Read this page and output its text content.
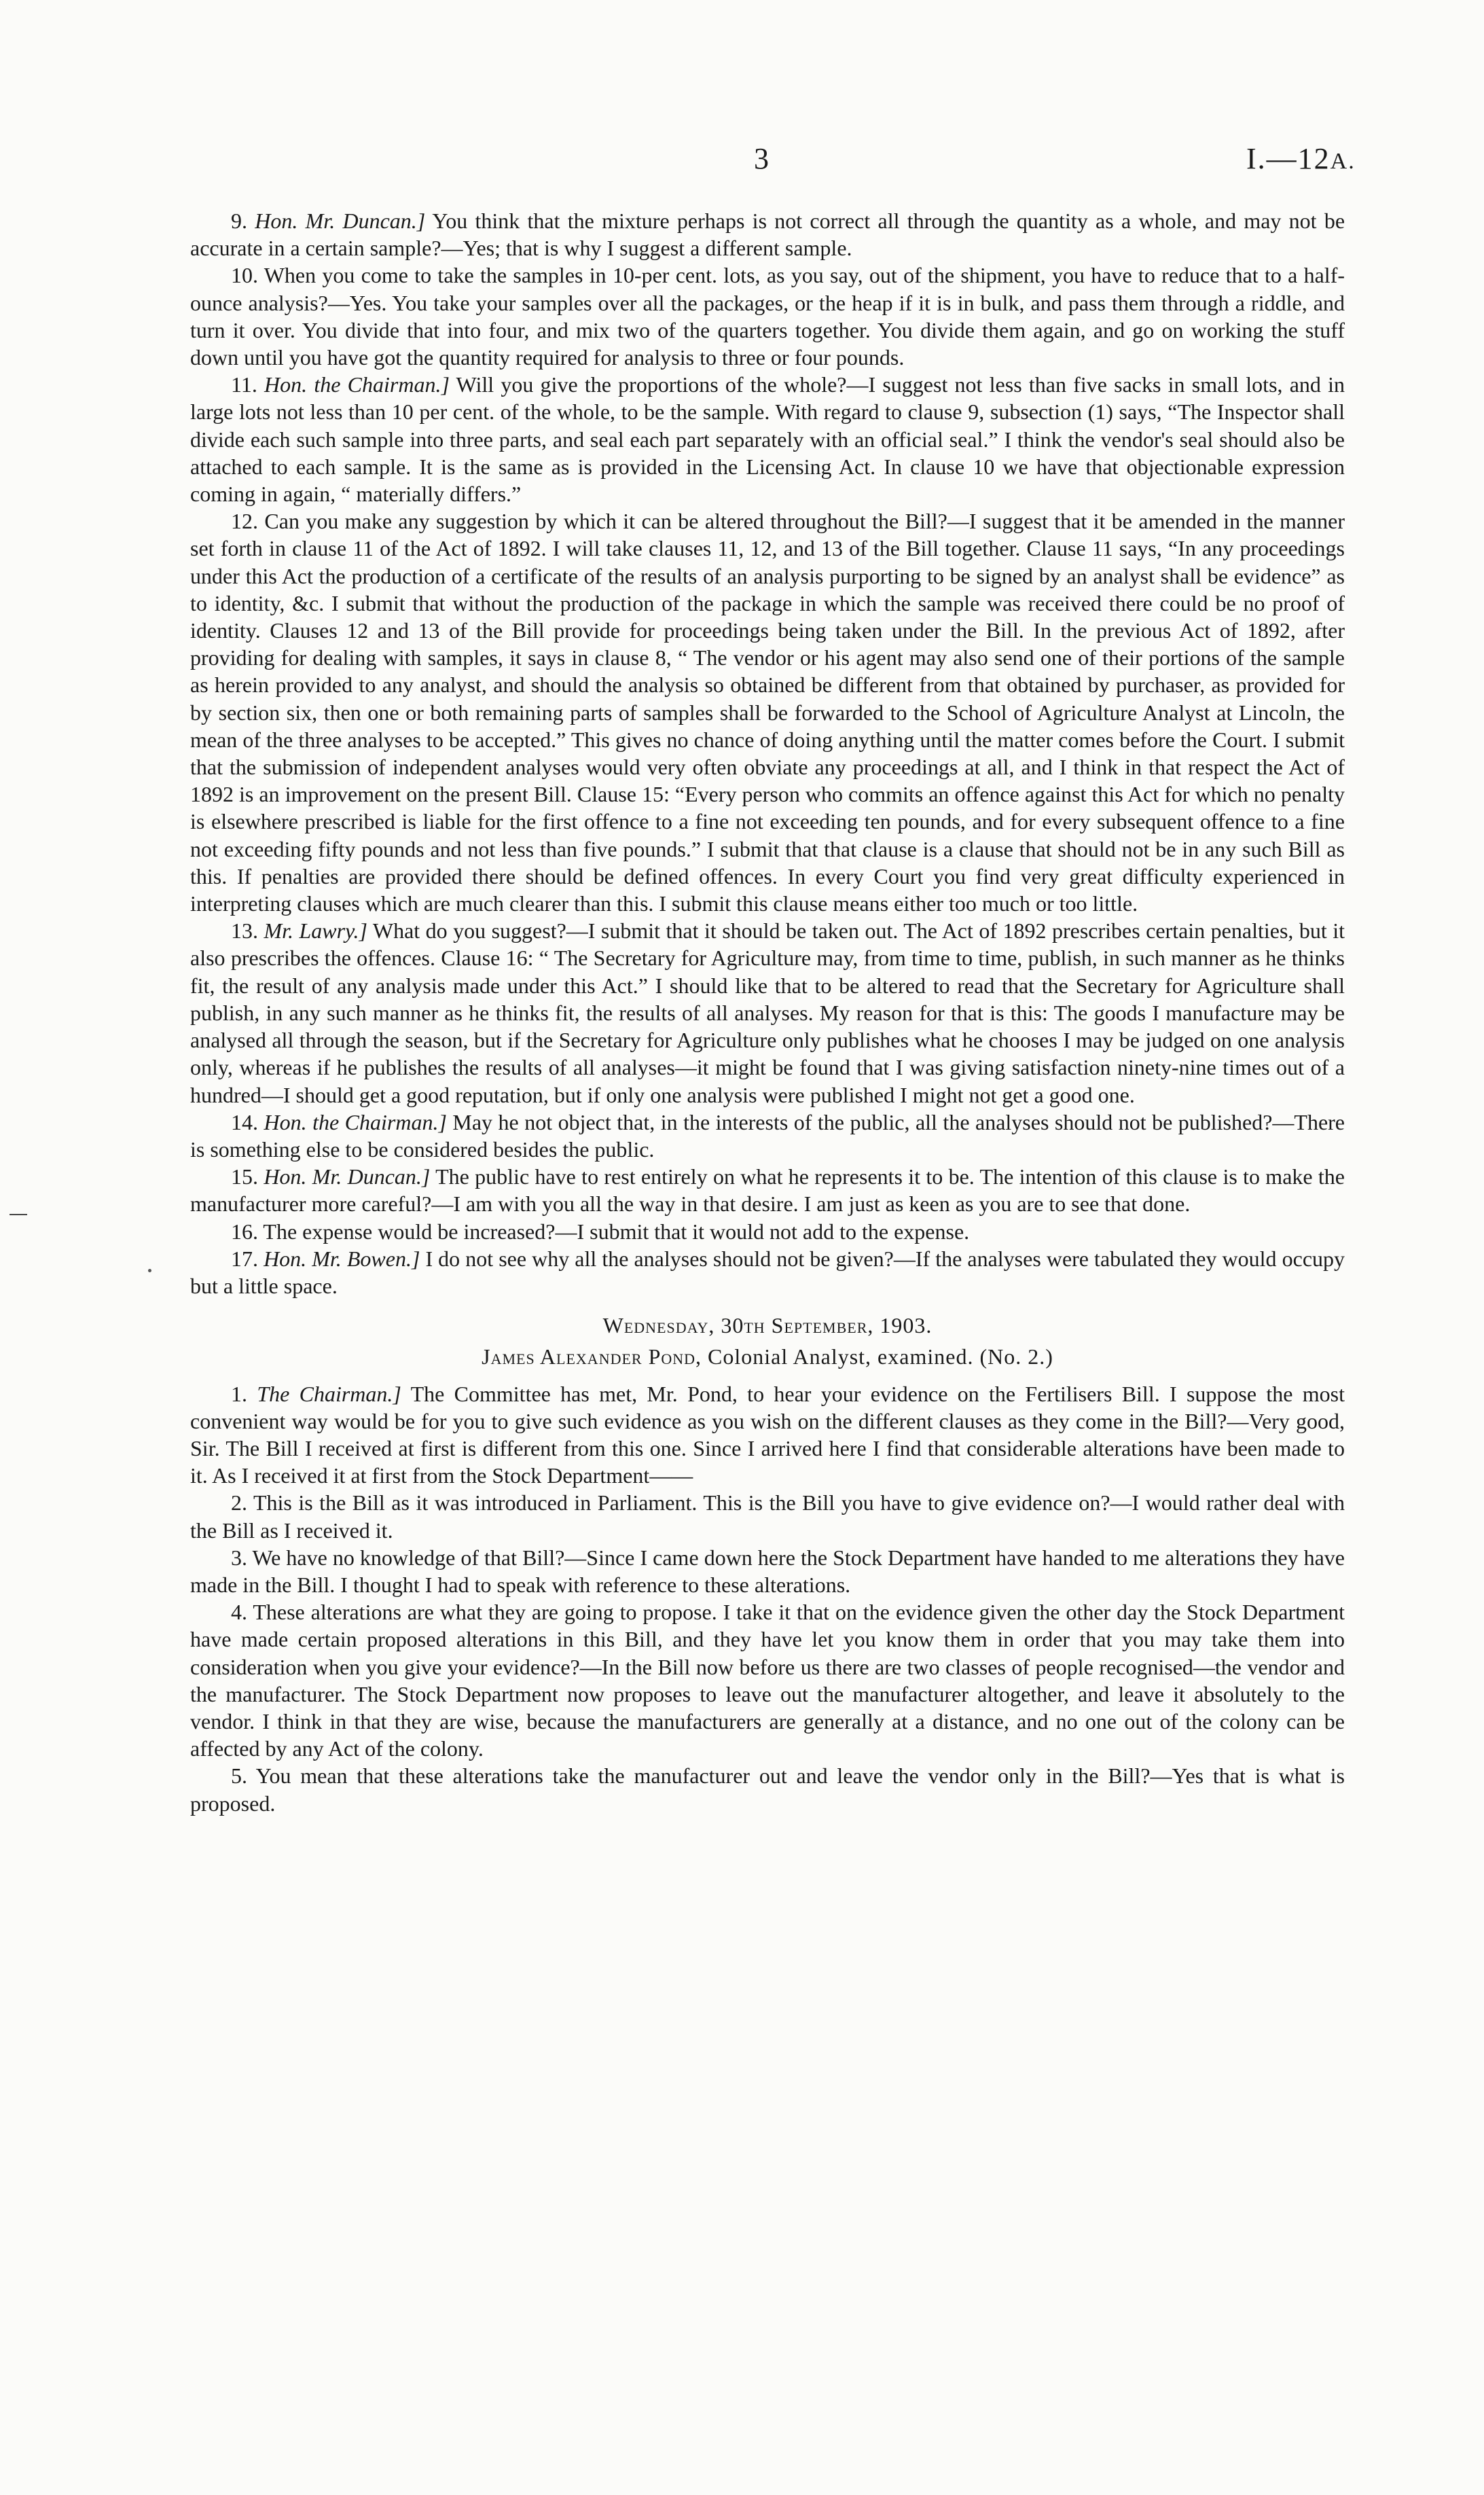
3	I.—12A.

9. Hon. Mr. Duncan.] You think that the mixture perhaps is not correct all through the quantity as a whole, and may not be accurate in a certain sample?—Yes; that is why I suggest a different sample.

10. When you come to take the samples in 10-per cent. lots, as you say, out of the shipment, you have to reduce that to a half-ounce analysis?—Yes. You take your samples over all the packages, or the heap if it is in bulk, and pass them through a riddle, and turn it over. You divide that into four, and mix two of the quarters together. You divide them again, and go on working the stuff down until you have got the quantity required for analysis to three or four pounds.

11. Hon. the Chairman.] Will you give the proportions of the whole?—I suggest not less than five sacks in small lots, and in large lots not less than 10 per cent. of the whole, to be the sample. With regard to clause 9, subsection (1) says, “The Inspector shall divide each such sample into three parts, and seal each part separately with an official seal.” I think the vendor's seal should also be attached to each sample. It is the same as is provided in the Licensing Act. In clause 10 we have that objectionable expression coming in again, “ materially differs.”

12. Can you make any suggestion by which it can be altered throughout the Bill?—I suggest that it be amended in the manner set forth in clause 11 of the Act of 1892. I will take clauses 11, 12, and 13 of the Bill together. Clause 11 says, “In any proceedings under this Act the production of a certificate of the results of an analysis purporting to be signed by an analyst shall be evidence” as to identity, &c. I submit that without the production of the package in which the sample was received there could be no proof of identity. Clauses 12 and 13 of the Bill provide for proceedings being taken under the Bill. In the previous Act of 1892, after providing for dealing with samples, it says in clause 8, “ The vendor or his agent may also send one of their portions of the sample as herein provided to any analyst, and should the analysis so obtained be different from that obtained by purchaser, as provided for by section six, then one or both remaining parts of samples shall be forwarded to the School of Agriculture Analyst at Lincoln, the mean of the three analyses to be accepted.” This gives no chance of doing anything until the matter comes before the Court. I submit that the submission of independent analyses would very often obviate any proceedings at all, and I think in that respect the Act of 1892 is an improvement on the present Bill. Clause 15: “Every person who commits an offence against this Act for which no penalty is elsewhere prescribed is liable for the first offence to a fine not exceeding ten pounds, and for every subsequent offence to a fine not exceeding fifty pounds and not less than five pounds.” I submit that that clause is a clause that should not be in any such Bill as this. If penalties are provided there should be defined offences. In every Court you find very great difficulty experienced in interpreting clauses which are much clearer than this. I submit this clause means either too much or too little.

13. Mr. Lawry.] What do you suggest?—I submit that it should be taken out. The Act of 1892 prescribes certain penalties, but it also prescribes the offences. Clause 16: “ The Secretary for Agriculture may, from time to time, publish, in such manner as he thinks fit, the result of any analysis made under this Act.” I should like that to be altered to read that the Secretary for Agriculture shall publish, in any such manner as he thinks fit, the results of all analyses. My reason for that is this: The goods I manufacture may be analysed all through the season, but if the Secretary for Agriculture only publishes what he chooses I may be judged on one analysis only, whereas if he publishes the results of all analyses—it might be found that I was giving satisfaction ninety-nine times out of a hundred—I should get a good reputation, but if only one analysis were published I might not get a good one.

14. Hon. the Chairman.] May he not object that, in the interests of the public, all the analyses should not be published?—There is something else to be considered besides the public.

15. Hon. Mr. Duncan.] The public have to rest entirely on what he represents it to be. The intention of this clause is to make the manufacturer more careful?—I am with you all the way in that desire. I am just as keen as you are to see that done.

16. The expense would be increased?—I submit that it would not add to the expense.

17. Hon. Mr. Bowen.] I do not see why all the analyses should not be given?—If the analyses were tabulated they would occupy but a little space.

Wednesday, 30th September, 1903.

James Alexander Pond, Colonial Analyst, examined. (No. 2.)

1. The Chairman.] The Committee has met, Mr. Pond, to hear your evidence on the Fertilisers Bill. I suppose the most convenient way would be for you to give such evidence as you wish on the different clauses as they come in the Bill?—Very good, Sir. The Bill I received at first is different from this one. Since I arrived here I find that considerable alterations have been made to it. As I received it at first from the Stock Department——

2. This is the Bill as it was introduced in Parliament. This is the Bill you have to give evidence on?—I would rather deal with the Bill as I received it.

3. We have no knowledge of that Bill?—Since I came down here the Stock Department have handed to me alterations they have made in the Bill. I thought I had to speak with reference to these alterations.

4. These alterations are what they are going to propose. I take it that on the evidence given the other day the Stock Department have made certain proposed alterations in this Bill, and they have let you know them in order that you may take them into consideration when you give your evidence?—In the Bill now before us there are two classes of people recognised—the vendor and the manufacturer. The Stock Department now proposes to leave out the manufacturer altogether, and leave it absolutely to the vendor. I think in that they are wise, because the manufacturers are generally at a distance, and no one out of the colony can be affected by any Act of the colony.

5. You mean that these alterations take the manufacturer out and leave the vendor only in the Bill?—Yes that is what is proposed.
